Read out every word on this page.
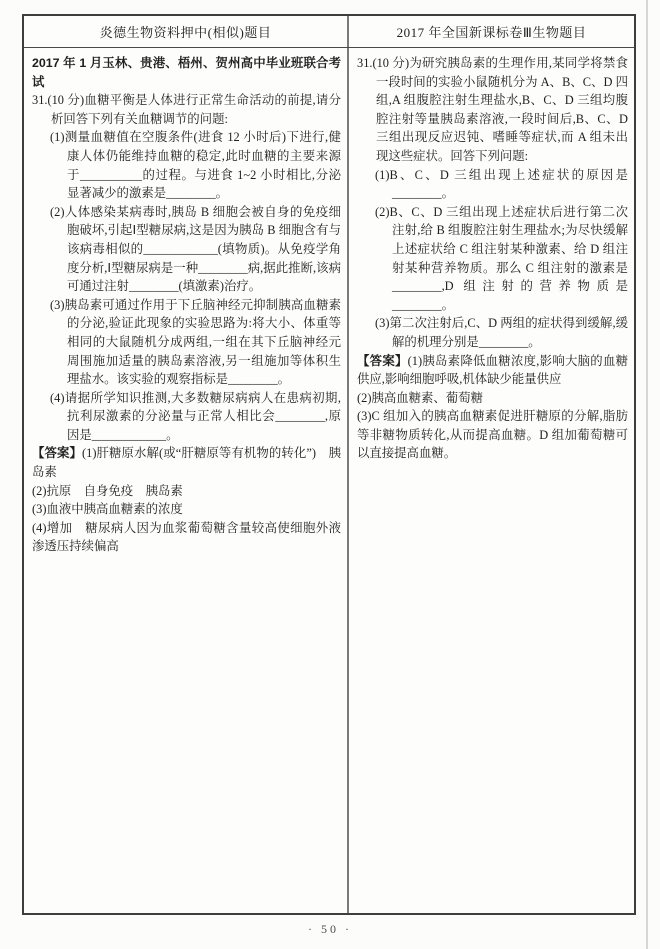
炎德生物资料押中(相似)题目	2017 年全国新课标卷Ⅲ生物题目

2017 年 1 月玉林、贵港、梧州、贺州高中毕业班联合考试

31.(10 分)血糖平衡是人体进行正常生命活动的前提,请分析回答下列有关血糖调节的问题:

(1)测量血糖值在空腹条件(进食 12 小时后)下进行,健康人体仍能维持血糖的稳定,此时血糖的主要来源于__________的过程。与进食 1~2 小时相比,分泌显著减少的激素是________。

(2)人体感染某病毒时,胰岛 B 细胞会被自身的免疫细胞破坏,引起Ⅰ型糖尿病,这是因为胰岛 B 细胞含有与该病毒相似的____________(填物质)。从免疫学角度分析,Ⅰ型糖尿病是一种________病,据此推断,该病可通过注射________(填激素)治疗。

(3)胰岛素可通过作用于下丘脑神经元抑制胰高血糖素的分泌,验证此现象的实验思路为:将大小、体重等相同的大鼠随机分成两组,一组在其下丘脑神经元周围施加适量的胰岛素溶液,另一组施加等体积生理盐水。该实验的观察指标是________。

(4)请据所学知识推测,大多数糖尿病病人在患病初期,抗利尿激素的分泌量与正常人相比会________,原因是____________。

【答案】(1)肝糖原水解(或“肝糖原等有机物的转化”)　胰岛素

(2)抗原　自身免疫　胰岛素

(3)血液中胰高血糖素的浓度

(4)增加　糖尿病人因为血浆葡萄糖含量较高使细胞外液渗透压持续偏高

31.(10 分)为研究胰岛素的生理作用,某同学将禁食一段时间的实验小鼠随机分为 A、B、C、D 四组,A 组腹腔注射生理盐水,B、C、D 三组均腹腔注射等量胰岛素溶液,一段时间后,B、C、D 三组出现反应迟钝、嗜睡等症状,而 A 组未出现这些症状。回答下列问题:

(1)B、C、D 三组出现上述症状的原因是________。

(2)B、C、D 三组出现上述症状后进行第二次注射,给 B 组腹腔注射生理盐水;为尽快缓解上述症状给 C 组注射某种激素、给 D 组注射某种营养物质。那么 C 组注射的激素是________,D 组注射的营养物质是________。

(3)第二次注射后,C、D 两组的症状得到缓解,缓解的机理分别是________。

【答案】(1)胰岛素降低血糖浓度,影响大脑的血糖供应,影响细胞呼吸,机体缺少能量供应

(2)胰高血糖素、葡萄糖

(3)C 组加入的胰高血糖素促进肝糖原的分解,脂肪等非糖物质转化,从而提高血糖。D 组加葡萄糖可以直接提高血糖。

· 50 ·
